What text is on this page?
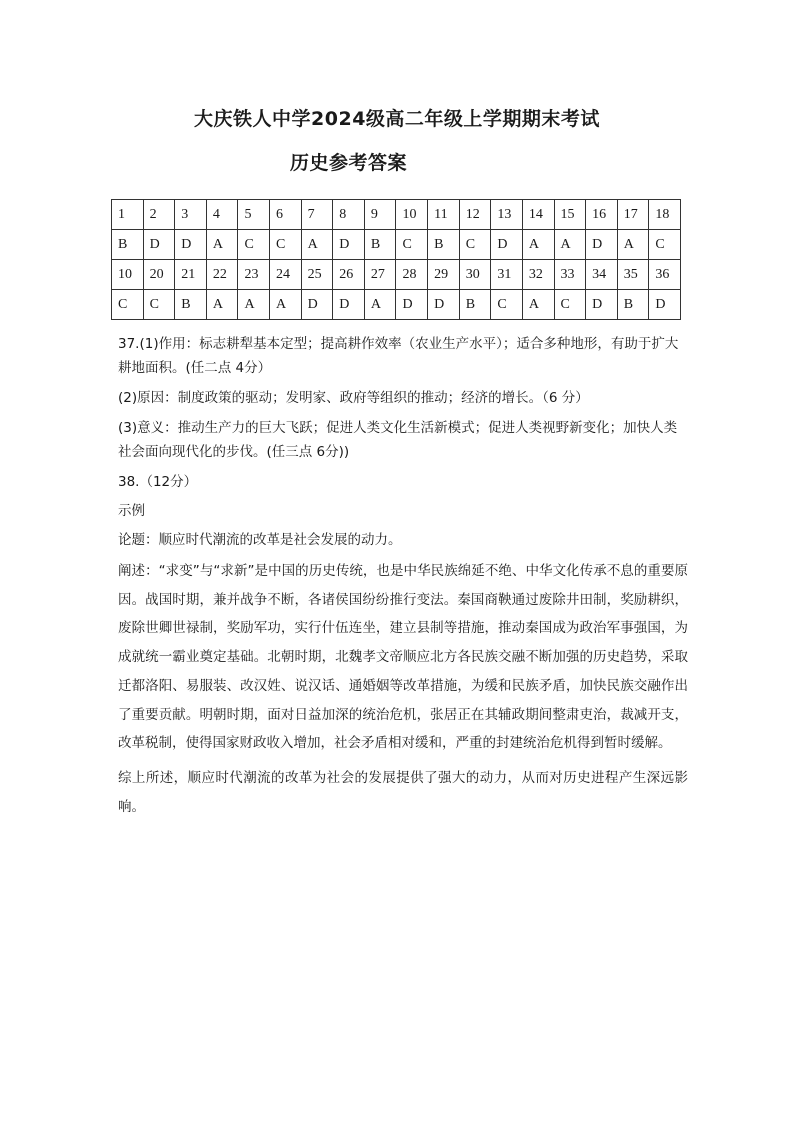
大庆铁人中学2024级高二年级上学期期末考试
历史参考答案
1	2	3	4	5	6	7	8	9	10	11	12	13	14	15	16	17	18
B	D	D	A	C	C	A	D	B	C	B	C	D	A	A	D	A	C
10	20	21	22	23	24	25	26	27	28	29	30	31	32	33	34	35	36
C	C	B	A	A	A	D	D	A	D	D	B	C	A	C	D	B	D

37.(1)作用：标志耕犁基本定型；提高耕作效率（农业生产水平）；适合多种地形，有助于扩大耕地面积。(任二点 4分）

(2)原因：制度政策的驱动；发明家、政府等组织的推动；经济的增长。（6 分）

(3)意义：推动生产力的巨大飞跃；促进人类文化生活新模式；促进人类视野新变化；加快人类社会面向现代化的步伐。(任三点 6分))

38.（12分）

示例

论题：顺应时代潮流的改革是社会发展的动力。

阐述：“求变”与“求新”是中国的历史传统，也是中华民族绵延不绝、中华文化传承不息的重要原因。战国时期，兼并战争不断，各诸侯国纷纷推行变法。秦国商鞅通过废除井田制，奖励耕织，废除世卿世禄制，奖励军功，实行什伍连坐，建立县制等措施，推动秦国成为政治军事强国，为成就统一霸业奠定基础。北朝时期，北魏孝文帝顺应北方各民族交融不断加强的历史趋势，采取迁都洛阳、易服装、改汉姓、说汉话、通婚姻等改革措施，为缓和民族矛盾，加快民族交融作出了重要贡献。明朝时期，面对日益加深的统治危机，张居正在其辅政期间整肃吏治，裁减开支，改革税制，使得国家财政收入增加，社会矛盾相对缓和，严重的封建统治危机得到暂时缓解。

综上所述，顺应时代潮流的改革为社会的发展提供了强大的动力，从而对历史进程产生深远影响。
